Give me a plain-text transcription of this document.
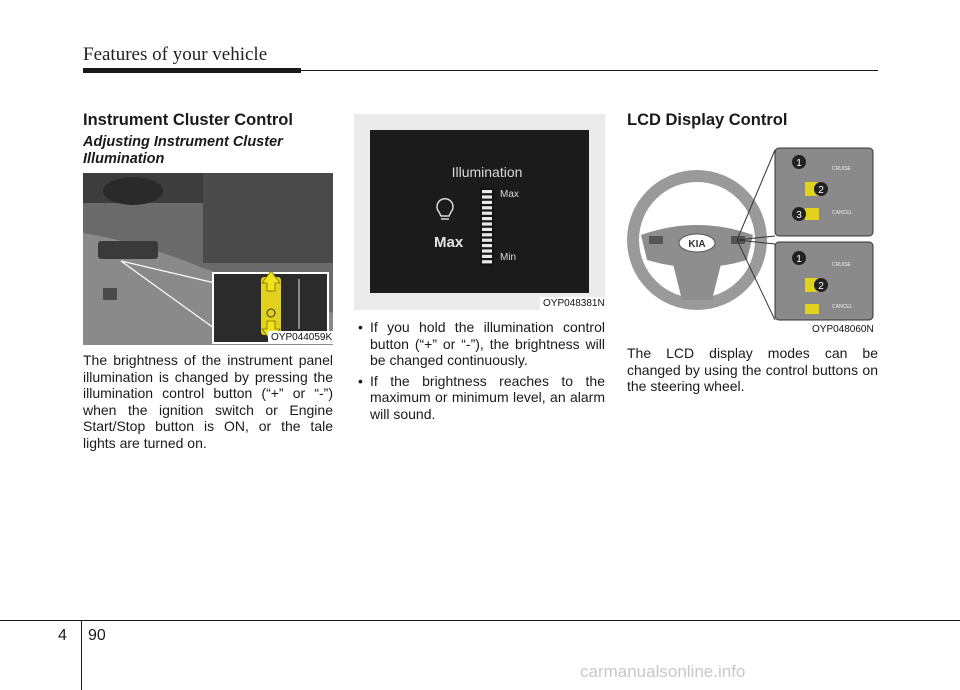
Features of your vehicle
Instrument Cluster Control
Adjusting Instrument Cluster Illumination
OYP044059K
The brightness of the instrument panel illumination is changed by pressing the illumination control button (“+” or “-”) when the ignition switch or Engine Start/Stop button is ON, or the tale lights are turned on.
Illumination
Max
Min
Max
OYP048381N
• If you hold the illumination control button (“+” or “-”), the brightness will be changed continuously.
• If the brightness reaches to the maximum or minimum level, an alarm will sound.
LCD Display Control
KIA
CRUISE
CANCEL
CRUISE
CANCEL
1
2
3
1
2
OYP048060N
The LCD display modes can be changed by using the control buttons on the steering wheel.
4 90
carmanualsonline.info
